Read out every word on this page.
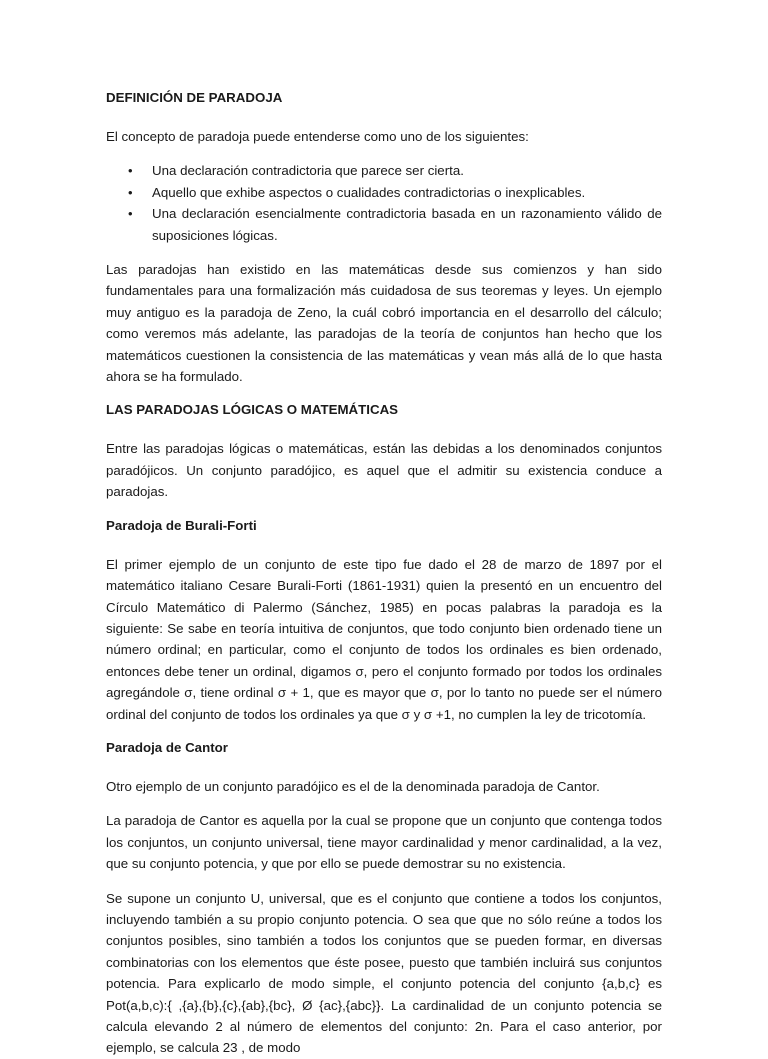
DEFINICIÓN DE PARADOJA

El concepto de paradoja puede entenderse como uno de los siguientes:

• Una declaración contradictoria que parece ser cierta.
• Aquello que exhibe aspectos o cualidades contradictorias o inexplicables.
• Una declaración esencialmente contradictoria basada en un razonamiento válido de suposiciones lógicas.

Las paradojas han existido en las matemáticas desde sus comienzos y han sido fundamentales para una formalización más cuidadosa de sus teoremas y leyes. Un ejemplo muy antiguo es la paradoja de Zeno, la cuál cobró importancia en el desarrollo del cálculo; como veremos más adelante, las paradojas de la teoría de conjuntos han hecho que los matemáticos cuestionen la consistencia de las matemáticas y vean más allá de lo que hasta ahora se ha formulado.

LAS PARADOJAS LÓGICAS O MATEMÁTICAS

Entre las paradojas lógicas o matemáticas, están las debidas a los denominados conjuntos paradójicos. Un conjunto paradójico, es aquel que el admitir su existencia conduce a paradojas.

Paradoja de Burali-Forti

El primer ejemplo de un conjunto de este tipo fue dado el 28 de marzo de 1897 por el matemático italiano Cesare Burali-Forti (1861-1931) quien la presentó en un encuentro del Círculo Matemático di Palermo (Sánchez, 1985) en pocas palabras la paradoja es la siguiente: Se sabe en teoría intuitiva de conjuntos, que todo conjunto bien ordenado tiene un número ordinal; en particular, como el conjunto de todos los ordinales es bien ordenado, entonces debe tener un ordinal, digamos σ, pero el conjunto formado por todos los ordinales agregándole σ, tiene ordinal σ + 1, que es mayor que σ, por lo tanto no puede ser el número ordinal del conjunto de todos los ordinales ya que σ y σ +1, no cumplen la ley de tricotomía.

Paradoja de Cantor

Otro ejemplo de un conjunto paradójico es el de la denominada paradoja de Cantor.

La paradoja de Cantor es aquella por la cual se propone que un conjunto que contenga todos los conjuntos, un conjunto universal, tiene mayor cardinalidad y menor cardinalidad, a la vez, que su conjunto potencia, y que por ello se puede demostrar su no existencia.

Se supone un conjunto U, universal, que es el conjunto que contiene a todos los conjuntos, incluyendo también a su propio conjunto potencia. O sea que que no sólo reúne a todos los conjuntos posibles, sino también a todos los conjuntos que se pueden formar, en diversas combinatorias con los elementos que éste posee, puesto que también incluirá sus conjuntos potencia. Para explicarlo de modo simple, el conjunto potencia del conjunto {a,b,c} es Pot(a,b,c):{ ,{a},{b},{c},{ab},{bc}, Ø {ac},{abc}}. La cardinalidad de un conjunto potencia se calcula elevando 2 al número de elementos del conjunto: 2n. Para el caso anterior, por ejemplo, se calcula 23 , de modo
